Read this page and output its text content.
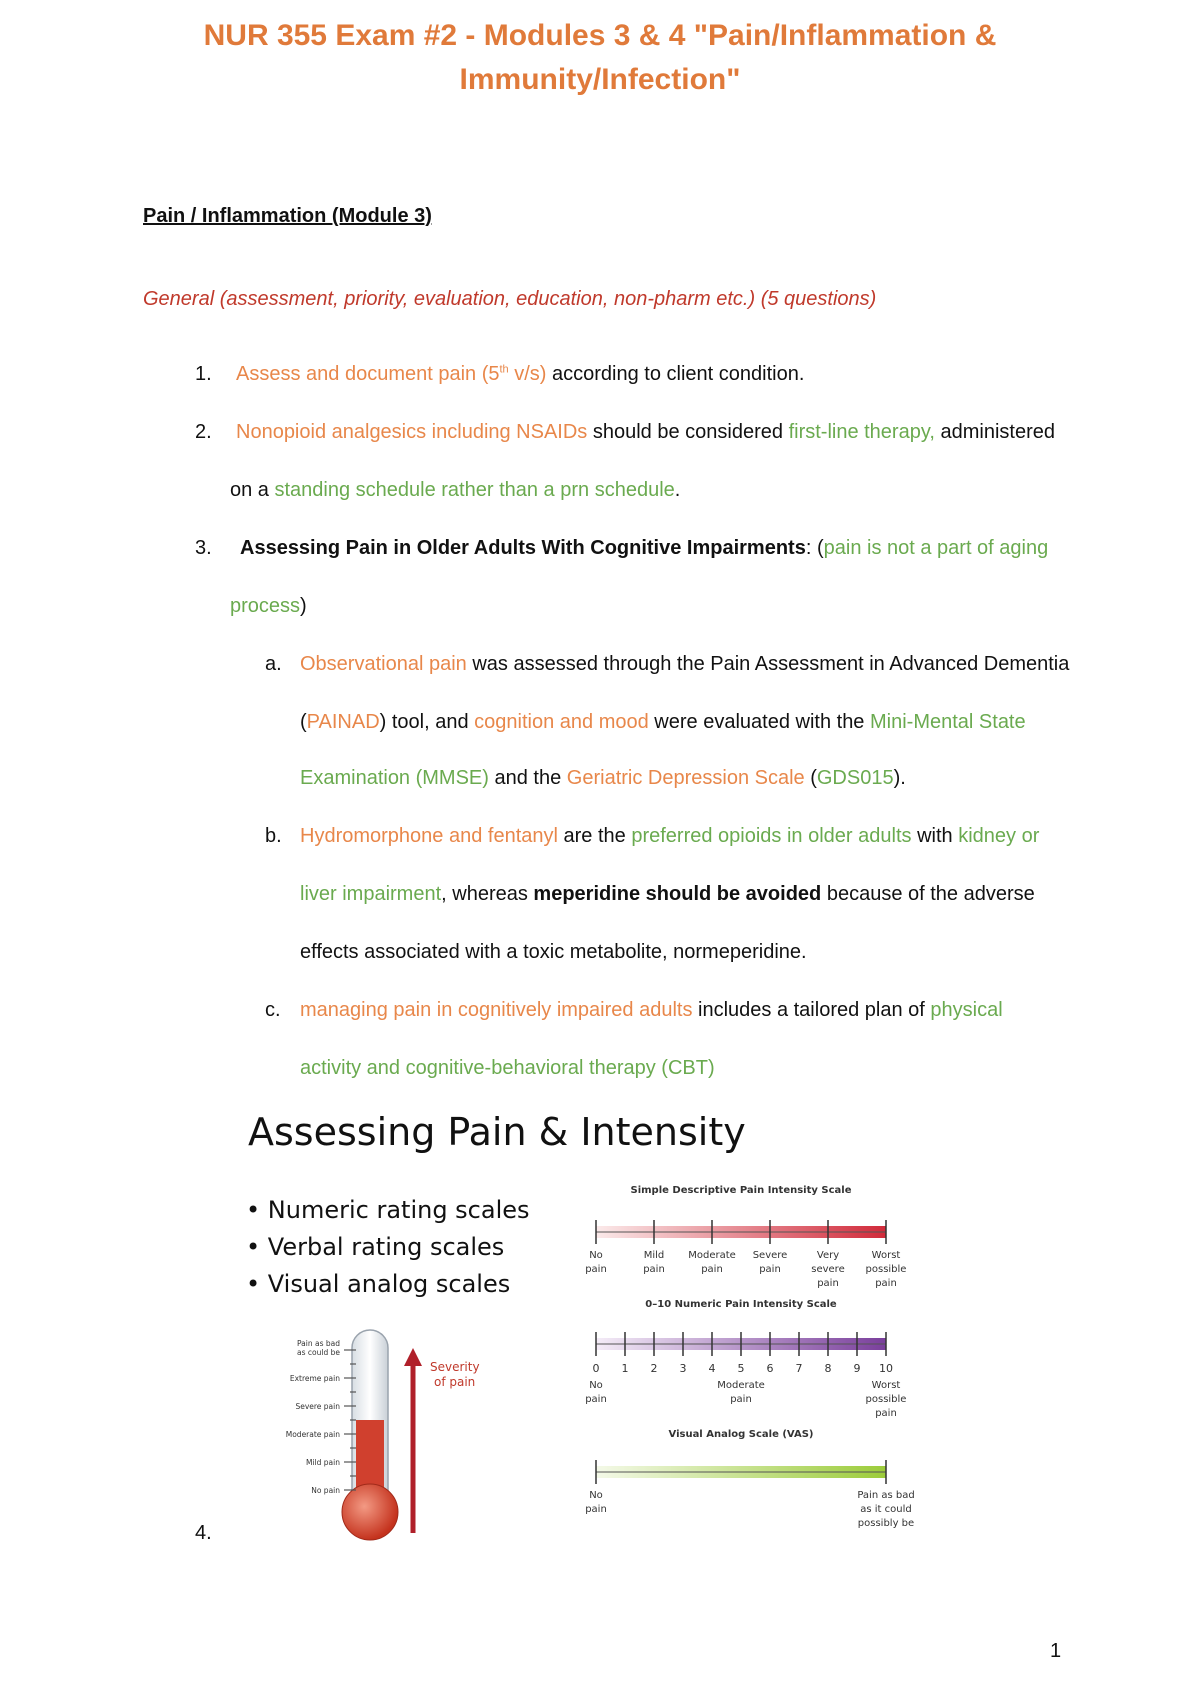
NUR 355 Exam #2 - Modules 3 & 4 "Pain/Inflammation &
Immunity/Infection"
Pain / Inflammation (Module 3)
General (assessment, priority, evaluation, education, non-pharm etc.) (5 questions)
1. Assess and document pain (5th v/s) according to client condition.
2. Nonopioid analgesics including NSAIDs should be considered first-line therapy, administered
on a standing schedule rather than a prn schedule.
3. Assessing Pain in Older Adults With Cognitive Impairments: (pain is not a part of aging
process)
a. Observational pain was assessed through the Pain Assessment in Advanced Dementia
(PAINAD) tool, and cognition and mood were evaluated with the Mini-Mental State
Examination (MMSE) and the Geriatric Depression Scale (GDS015).
b. Hydromorphone and fentanyl are the preferred opioids in older adults with kidney or
liver impairment, whereas meperidine should be avoided because of the adverse
effects associated with a toxic metabolite, normeperidine.
c. managing pain in cognitively impaired adults includes a tailored plan of physical
activity and cognitive-behavioral therapy (CBT)
Assessing Pain & Intensity
• Numeric rating scales
• Verbal rating scales
• Visual analog scales
Pain as bad
as could be
Extreme pain
Severe pain
Moderate pain
Mild pain
No pain
Severity
of pain
Simple Descriptive Pain Intensity Scale
No
pain
Mild
pain
Moderate
pain
Severe
pain
Very
severe
pain
Worst
possible
pain
0–10 Numeric Pain Intensity Scale
0 1 2 3 4 5 6 7 8 9 10
No
pain
Moderate
pain
Worst
possible
pain
Visual Analog Scale (VAS)
No
pain
Pain as bad
as it could
possibly be
4.
1
